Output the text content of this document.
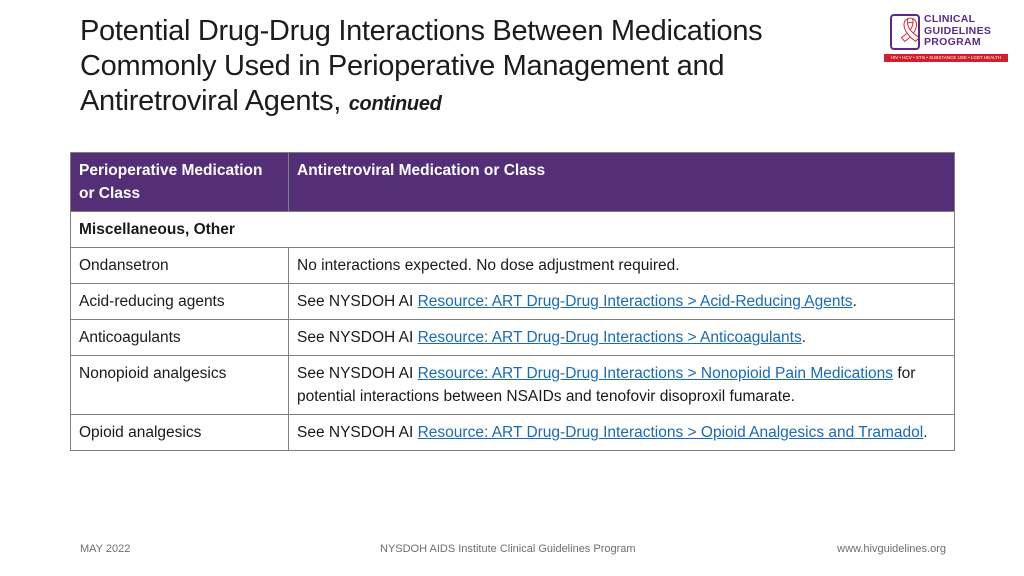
Potential Drug-Drug Interactions Between Medications Commonly Used in Perioperative Management and Antiretroviral Agents, continued
🎗
CLINICAL
GUIDELINES
PROGRAM
HIV • HCV • STIs • SUBSTANCE USE • LGBT HEALTH
Perioperative Medication or Class	Antiretroviral Medication or Class
Miscellaneous, Other	
Ondansetron	No interactions expected. No dose adjustment required.
Acid-reducing agents	See NYSDOH AI Resource: ART Drug-Drug Interactions > Acid-Reducing Agents.
Anticoagulants	See NYSDOH AI Resource: ART Drug-Drug Interactions > Anticoagulants.
Nonopioid analgesics	See NYSDOH AI Resource: ART Drug-Drug Interactions > Nonopioid Pain Medications for potential interactions between NSAIDs and tenofovir disoproxil fumarate.
Opioid analgesics	See NYSDOH AI Resource: ART Drug-Drug Interactions > Opioid Analgesics and Tramadol.
MAY 2022	NYSDOH AIDS Institute Clinical Guidelines Program	www.hivguidelines.org
